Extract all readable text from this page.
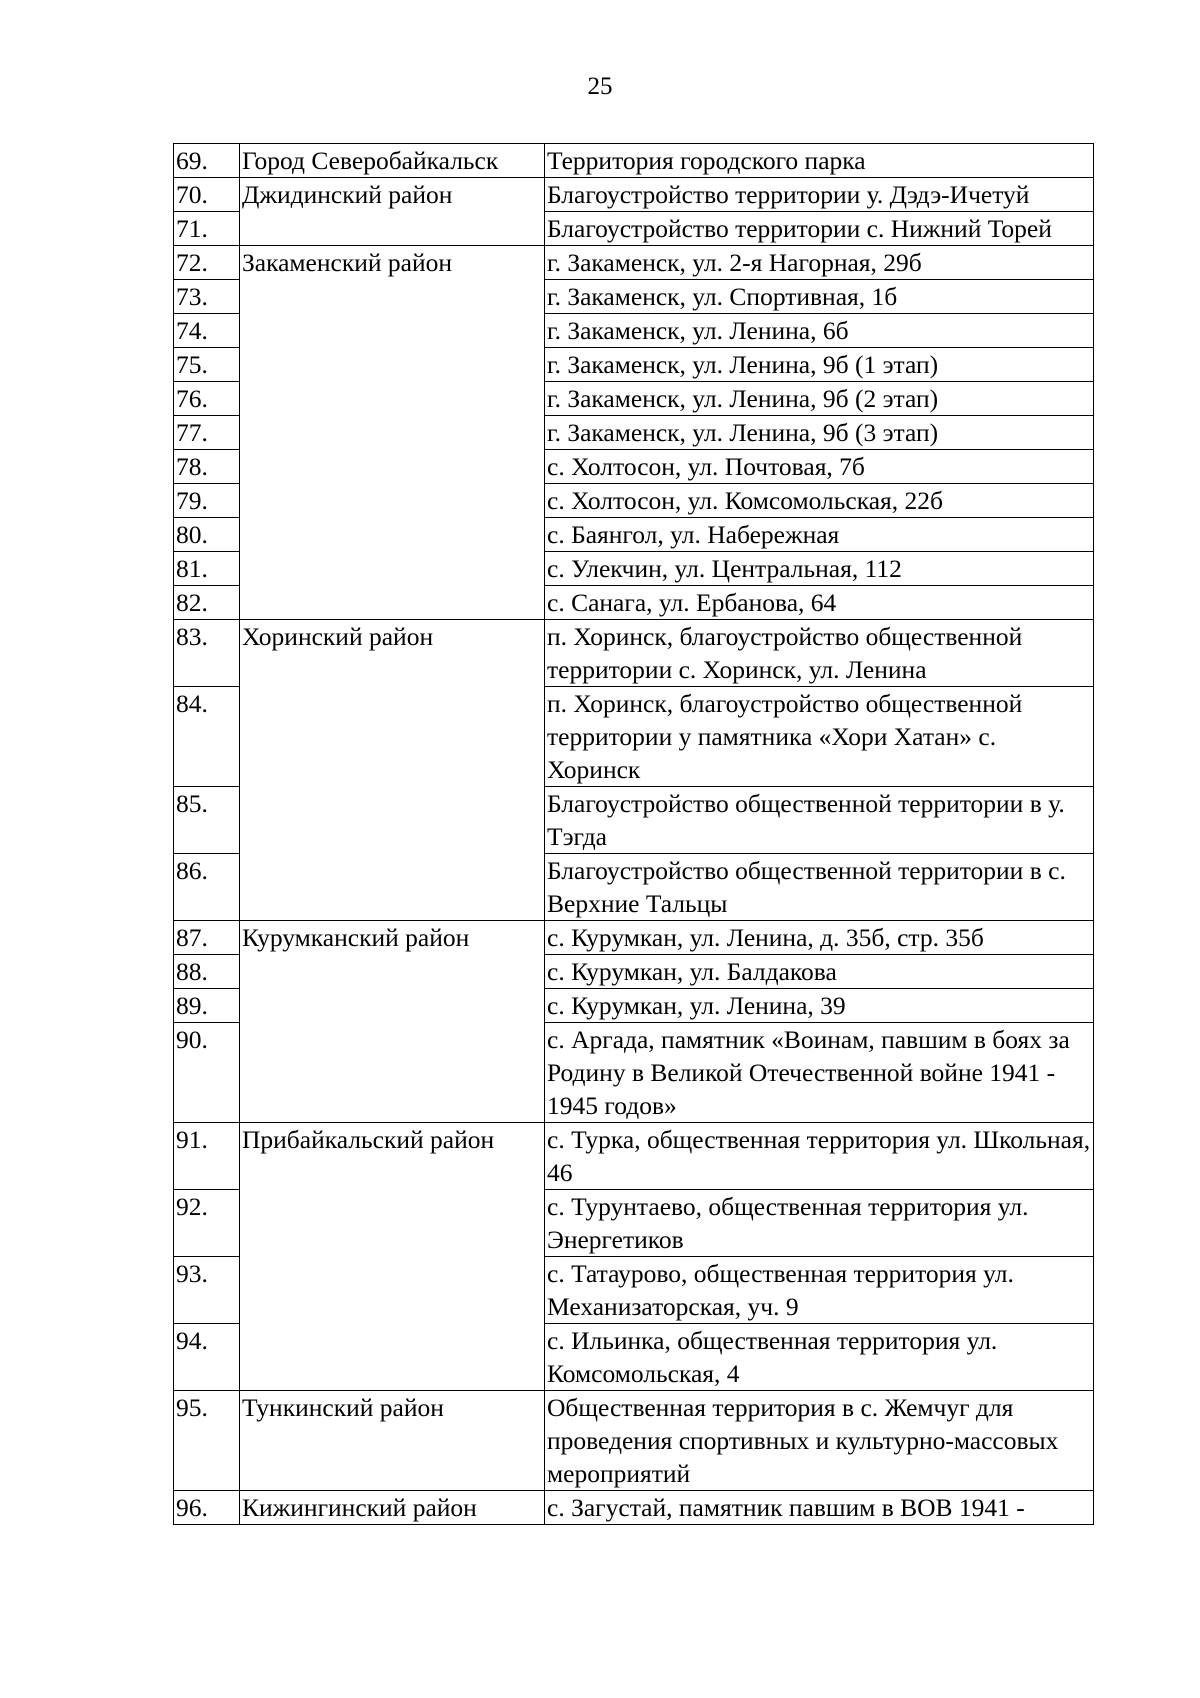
25
69.	Город Северобайкальск	Территория городского парка
70.	Джидинский район	Благоустройство территории у. Дэдэ-Ичетуй
71.		Благоустройство территории с. Нижний Торей
72.	Закаменский район	г. Закаменск, ул. 2-я Нагорная, 29б
73.		г. Закаменск, ул. Спортивная, 1б
74.		г. Закаменск, ул. Ленина, 6б
75.		г. Закаменск, ул. Ленина, 9б (1 этап)
76.		г. Закаменск, ул. Ленина, 9б (2 этап)
77.		г. Закаменск, ул. Ленина, 9б (3 этап)
78.		с. Холтосон, ул. Почтовая, 7б
79.		с. Холтосон, ул. Комсомольская, 22б
80.		с. Баянгол, ул. Набережная
81.		с. Улекчин, ул. Центральная, 112
82.		с. Санага, ул. Ербанова, 64
83.	Хоринский район	п. Хоринск, благоустройство общественной территории с. Хоринск, ул. Ленина
84.		п. Хоринск, благоустройство общественной территории у памятника «Хори Хатан» с. Хоринск
85.		Благоустройство общественной территории в у. Тэгда
86.		Благоустройство общественной территории в с. Верхние Тальцы
87.	Курумканский район	с. Курумкан, ул. Ленина, д. 35б, стр. 35б
88.		с. Курумкан, ул. Балдакова
89.		с. Курумкан, ул. Ленина, 39
90.		с. Аргада, памятник «Воинам, павшим в боях за Родину в Великой Отечественной войне 1941 - 1945 годов»
91.	Прибайкальский район	с. Турка, общественная территория ул. Школьная, 46
92.		с. Турунтаево, общественная территория ул. Энергетиков
93.		с. Татаурово, общественная территория ул. Механизаторская, уч. 9
94.		с. Ильинка, общественная территория ул. Комсомольская, 4
95.	Тункинский район	Общественная территория в с. Жемчуг для проведения спортивных и культурно-массовых мероприятий
96.	Кижингинский район	с. Загустай, памятник павшим в ВОВ 1941 -
